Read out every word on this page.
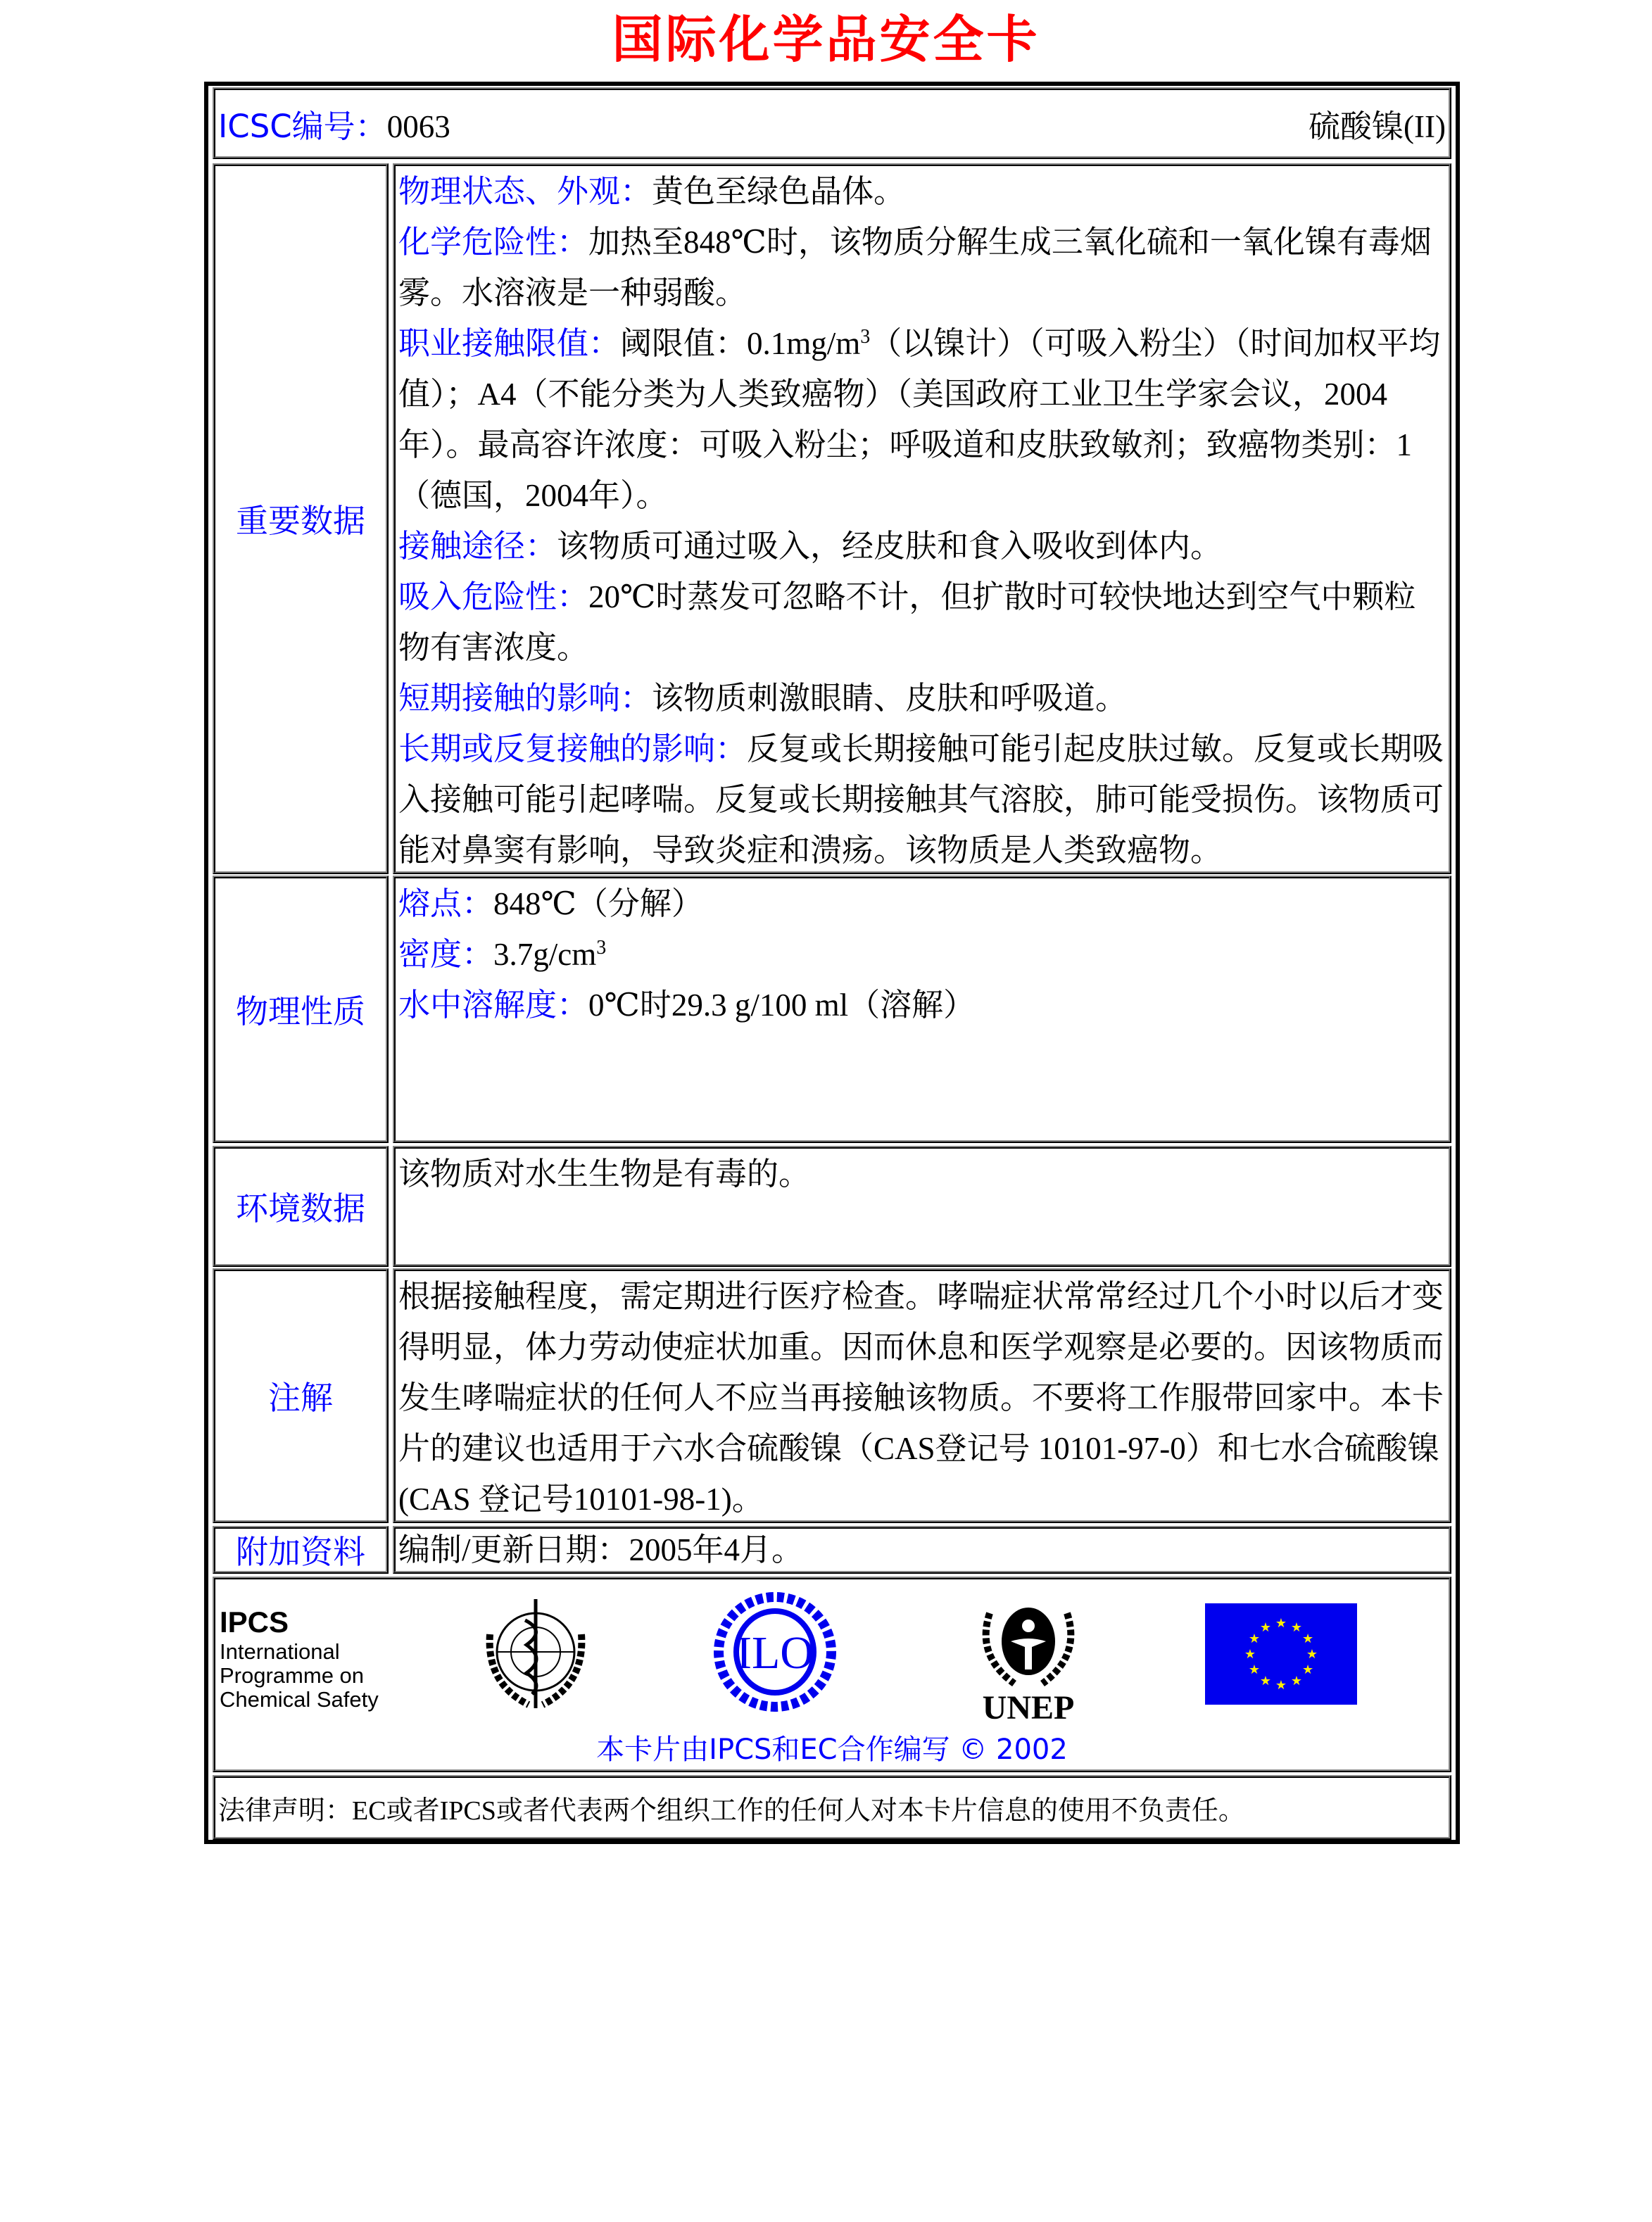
国际化学品安全卡
ICSC编号：0063	硫酸镍(II)
重要数据
物理状态、外观：黄色至绿色晶体。
化学危险性：加热至848℃时，该物质分解生成三氧化硫和一氧化镍有毒烟雾。水溶液是一种弱酸。
职业接触限值：阈限值：$0.1mg/m^3$（以镍计）（可吸入粉尘）（时间加权平均值）；A4（不能分类为人类致癌物）（美国政府工业卫生学家会议，2004年）。最高容许浓度：可吸入粉尘；呼吸道和皮肤致敏剂；致癌物类别：1（德国，2004年）。
接触途径：该物质可通过吸入，经皮肤和食入吸收到体内。
吸入危险性：20℃时蒸发可忽略不计，但扩散时可较快地达到空气中颗粒物有害浓度。
短期接触的影响：该物质刺激眼睛、皮肤和呼吸道。
长期或反复接触的影响：反复或长期接触可能引起皮肤过敏。反复或长期吸入接触可能引起哮喘。反复或长期接触其气溶胶，肺可能受损伤。该物质可能对鼻窦有影响，导致炎症和溃疡。该物质是人类致癌物。
物理性质
熔点：848℃（分解）
密度：$3.7g/cm^3$
水中溶解度：0℃时29.3 g/100 ml（溶解）
环境数据
该物质对水生生物是有毒的。
注解
根据接触程度，需定期进行医疗检查。哮喘症状常常经过几个小时以后才变得明显，体力劳动使症状加重。因而休息和医学观察是必要的。因该物质而发生哮喘症状的任何人不应当再接触该物质。不要将工作服带回家中。本卡片的建议也适用于六水合硫酸镍（CAS登记号 10101-97-0）和七水合硫酸镍(CAS 登记号10101-98-1)。
附加资料	编制/更新日期：2005年4月。
IPCS
International
Programme on
Chemical Safety
ILO
UNEP
★ ★
★
★
★
★
★
★
★
★
★
★
本卡片由IPCS和EC合作编写 © 2002
法律声明： EC或者IPCS或者代表两个组织工作的任何人对本卡片信息的使用不负责任。
